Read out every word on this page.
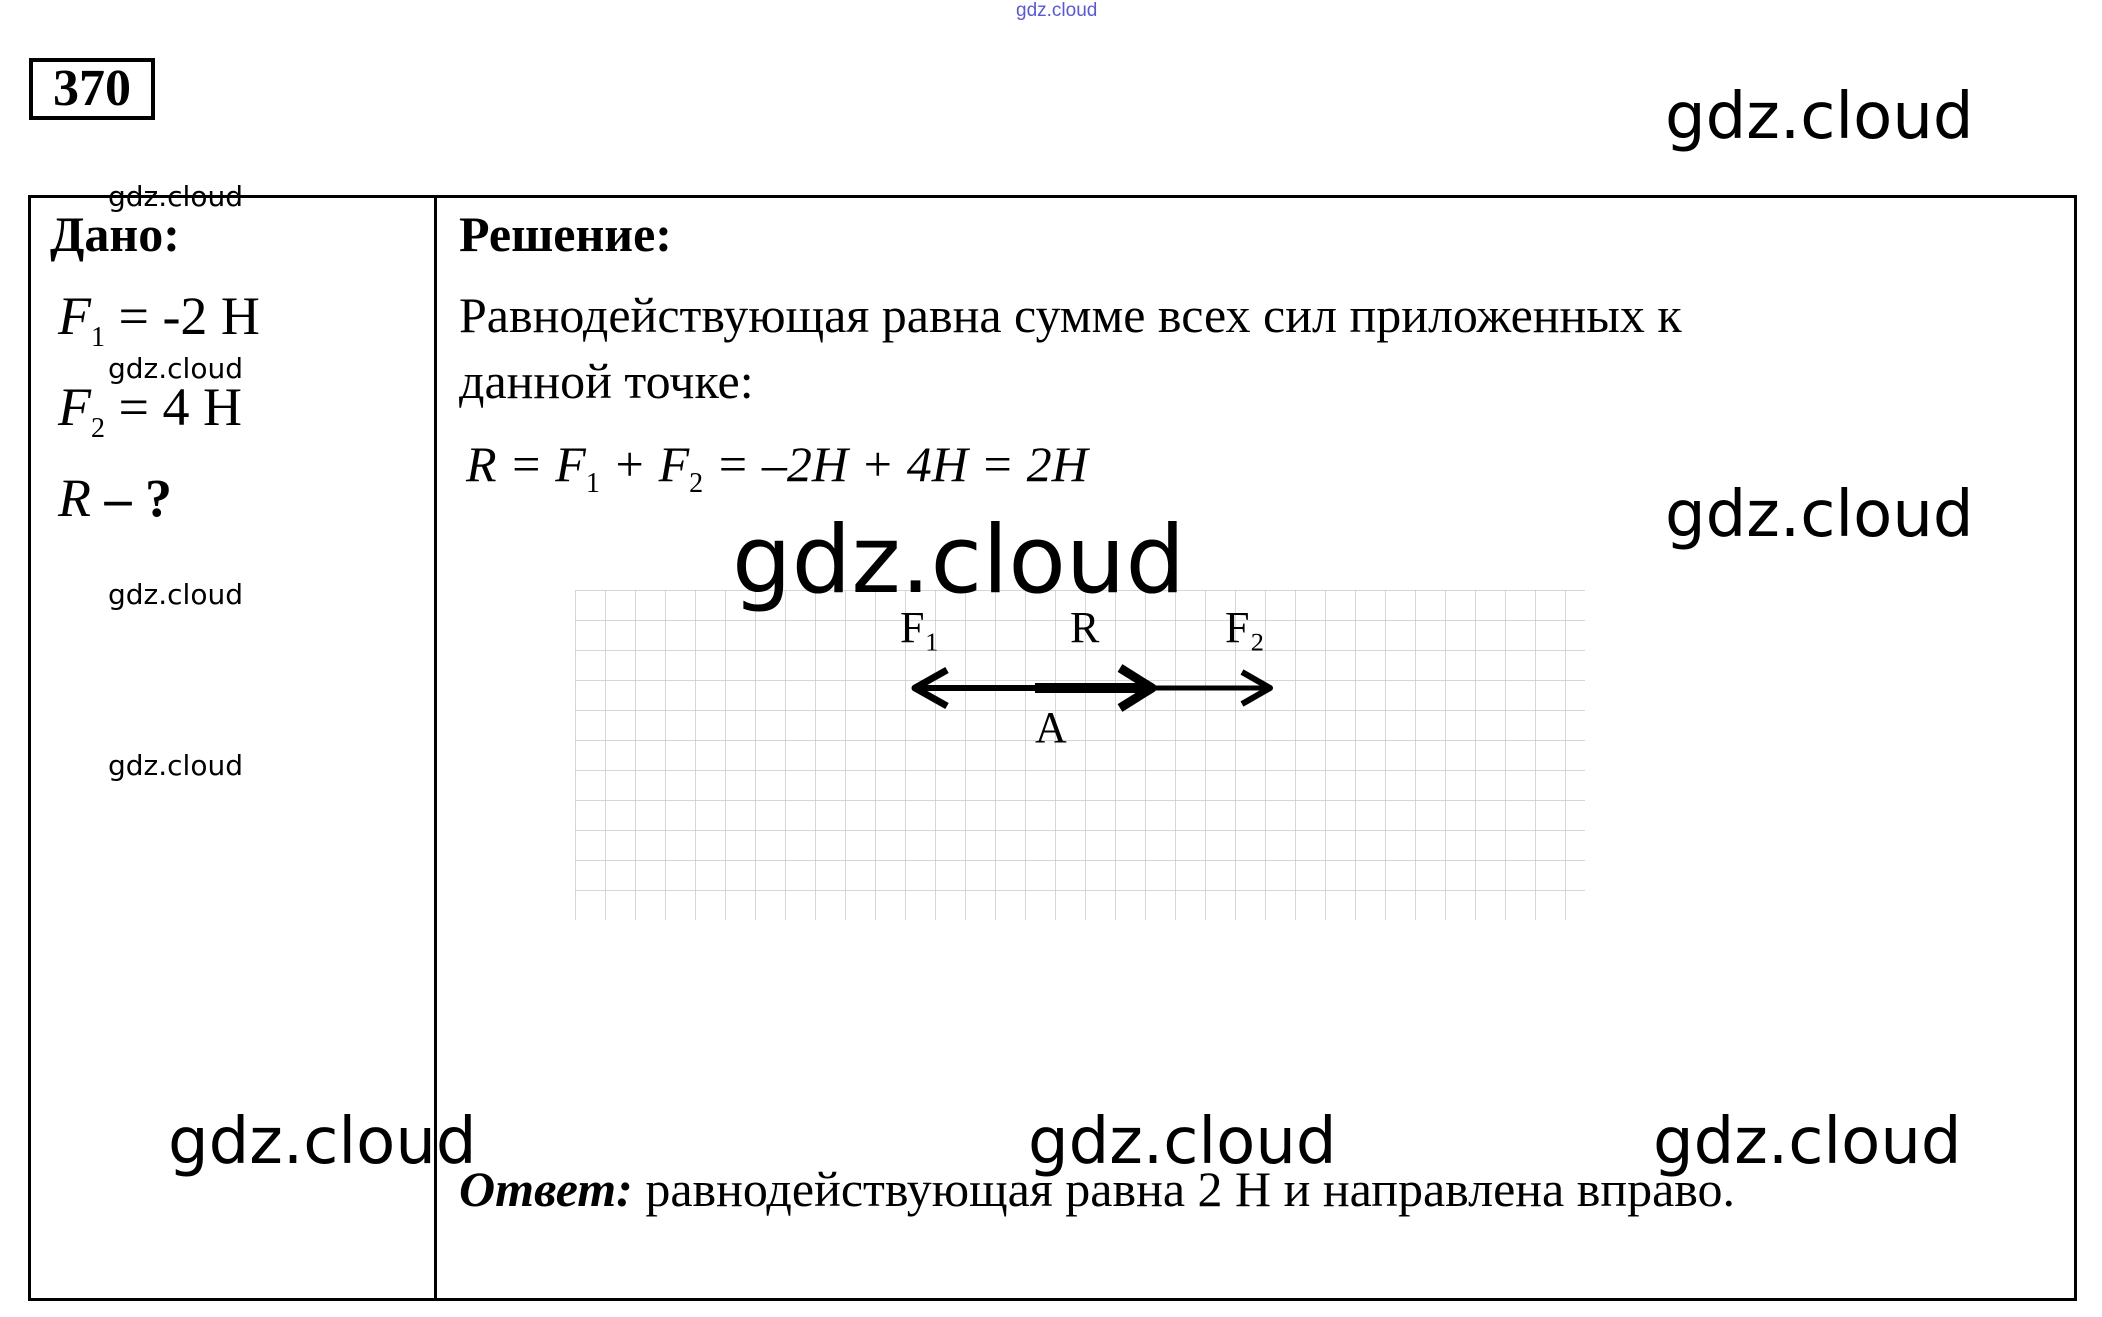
gdz.cloud
370	gdz.cloud
Дано:
gdz.cloud
$F_1 = -2$ Н
gdz.cloud
$F_2 = 4$ Н
R – ?
gdz.cloud
gdz.cloud
Решение:
Равнодействующая равна сумме всех сил приложенных к
данной точке:
$R = F_1 + F_2 = -2H + 4H = 2H$
gdz.cloud
F₁	R	F₂
A
gdz.cloud
gdz.cloud	gdz.cloud	gdz.cloud
Ответ: равнодействующая равна 2 Н и направлена вправо.
